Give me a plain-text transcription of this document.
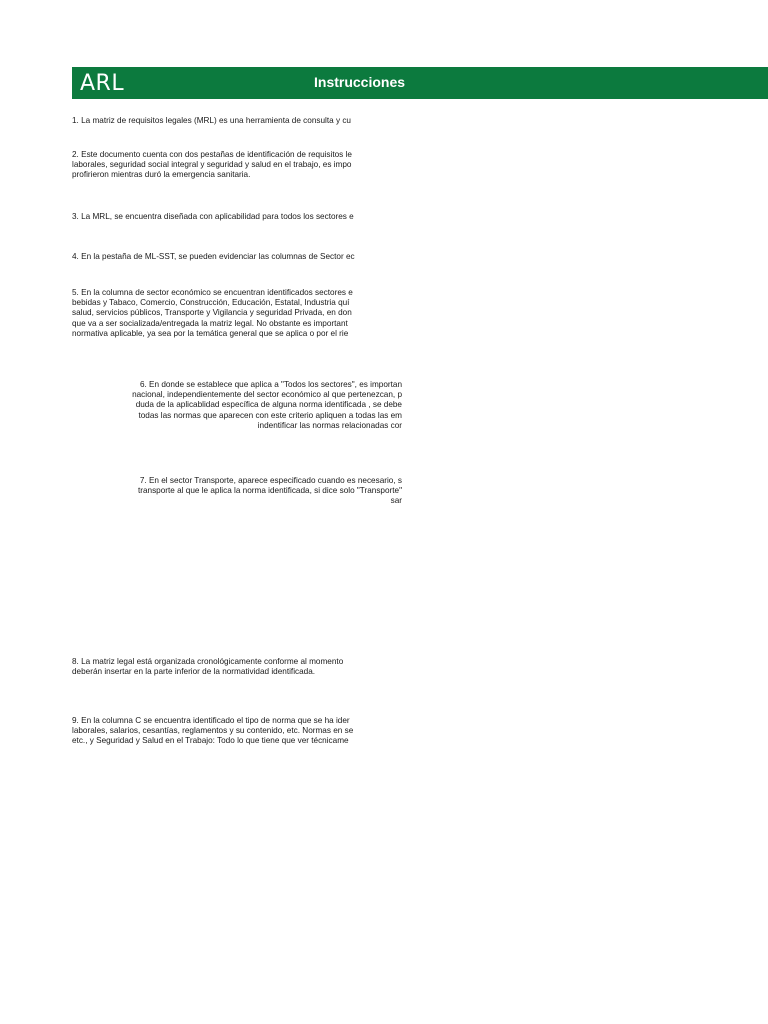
ARL	Instrucciones
1. La matriz de requisitos legales (MRL) es una herramienta de consulta y cu
2. Este documento cuenta con dos pestañas de identificación de requisitos le
laborales, seguridad social integral y seguridad y salud en el trabajo, es impo
profirieron mientras duró la emergencia sanitaria.
3. La MRL, se encuentra diseñada con aplicabilidad para todos los sectores e
4. En la pestaña de ML-SST, se pueden evidenciar las columnas de Sector ec
5. En la columna de sector económico se encuentran identificados sectores e
bebidas y Tabaco, Comercio, Construcción, Educación, Estatal, Industria quí
salud, servicios públicos, Transporte y Vigilancia y seguridad Privada, en don
que va a ser socializada/entregada la matriz legal. No obstante es important
normativa aplicable, ya sea por la temática general que se aplica o por el rie
6. En donde se establece que aplica a "Todos los sectores", es importan
nacional, independientemente del sector económico al que pertenezcan, p
duda de la aplicablidad específica de alguna norma identificada , se debe
todas las normas que aparecen con este criterio apliquen a todas las em
indentificar las normas relacionadas cor
7. En el sector Transporte, aparece especificado cuando es necesario, s
transporte al que le aplica la norma identificada, si dice solo "Transporte"
sar
8. La matriz legal está organizada cronológicamente conforme al momento
deberán insertar en la parte inferior de la normatividad identificada.
9. En la columna C se encuentra identificado el tipo de norma que se ha ider
laborales, salarios, cesantías, reglamentos y su contenido, etc. Normas en se
etc., y Seguridad y Salud en el Trabajo: Todo lo que tiene que ver técnicame
